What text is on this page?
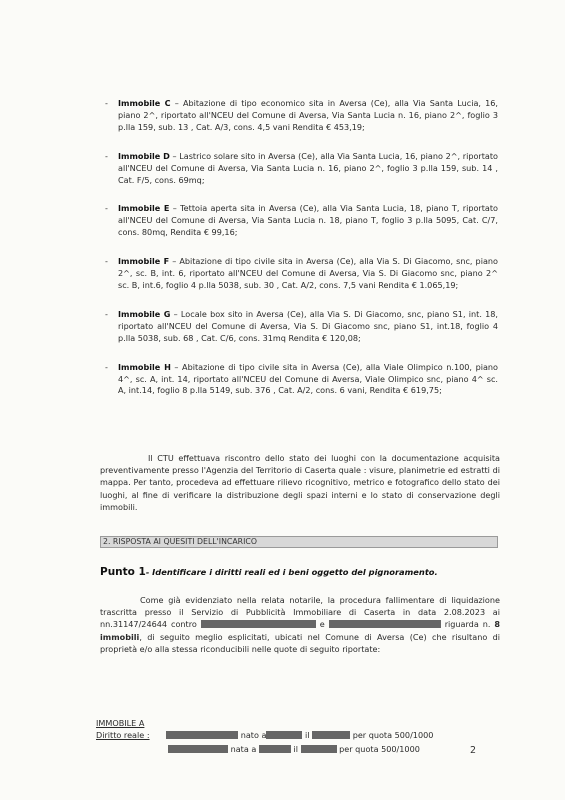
- Immobile C – Abitazione di tipo economico sita in Aversa (Ce), alla Via Santa Lucia, 16, piano 2^, riportato all'NCEU del Comune di Aversa, Via Santa Lucia n. 16, piano 2^, foglio 3 p.lla 159, sub. 13 , Cat. A/3, cons. 4,5 vani Rendita € 453,19;
- Immobile D – Lastrico solare sito in Aversa (Ce), alla Via Santa Lucia, 16, piano 2^, riportato all'NCEU del Comune di Aversa, Via Santa Lucia n. 16, piano 2^, foglio 3 p.lla 159, sub. 14 , Cat. F/5, cons. 69mq;
- Immobile E – Tettoia aperta sita in Aversa (Ce), alla Via Santa Lucia, 18, piano T, riportato all'NCEU del Comune di Aversa, Via Santa Lucia n. 18, piano T, foglio 3 p.lla 5095, Cat. C/7, cons. 80mq, Rendita € 99,16;
- Immobile F – Abitazione di tipo civile sita in Aversa (Ce), alla Via S. Di Giacomo, snc, piano 2^, sc. B, int. 6, riportato all'NCEU del Comune di Aversa, Via S. Di Giacomo snc, piano 2^ sc. B, int.6, foglio 4 p.lla 5038, sub. 30 , Cat. A/2, cons. 7,5 vani Rendita € 1.065,19;
- Immobile G – Locale box sito in Aversa (Ce), alla Via S. Di Giacomo, snc, piano S1, int. 18, riportato all'NCEU del Comune di Aversa, Via S. Di Giacomo snc, piano S1, int.18, foglio 4 p.lla 5038, sub. 68 , Cat. C/6, cons. 31mq Rendita € 120,08;
- Immobile H – Abitazione di tipo civile sita in Aversa (Ce), alla Viale Olimpico n.100, piano 4^, sc. A, int. 14, riportato all'NCEU del Comune di Aversa, Viale Olimpico snc, piano 4^ sc. A, int.14, foglio 8 p.lla 5149, sub. 376 , Cat. A/2, cons. 6 vani, Rendita € 619,75;
Il CTU effettuava riscontro dello stato dei luoghi con la documentazione acquisita preventivamente presso l'Agenzia del Territorio di Caserta quale : visure, planimetrie ed estratti di mappa. Per tanto, procedeva ad effettuare rilievo ricognitivo, metrico e fotografico dello stato dei luoghi, al fine di verificare la distribuzione degli spazi interni e lo stato di conservazione degli immobili.
2. RISPOSTA AI QUESITI DELL'INCARICO
Punto 1- Identificare i diritti reali ed i beni oggetto del pignoramento.
Come già evidenziato nella relata notarile, la procedura fallimentare di liquidazione trascritta presso il Servizio di Pubblicità Immobiliare di Caserta in data 2.08.2023 ai nn.31147/24644 contro	e	riguarda n. 8 immobili, di seguito meglio esplicitati, ubicati nel Comune di Aversa (Ce) che risultano di proprietà e/o alla stessa riconducibili nelle quote di seguito riportate:
IMMOBILE A
Diritto reale :	nato a	il	per quota 500/1000
nata a	il	per quota 500/1000	2
